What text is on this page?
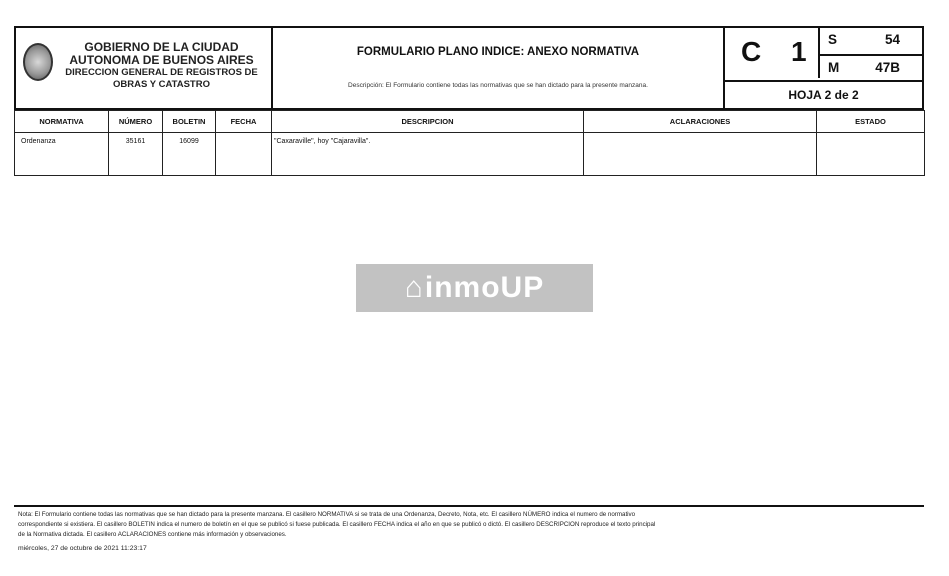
GOBIERNO DE LA CIUDAD
AUTONOMA DE BUENOS AIRES
DIRECCION GENERAL DE REGISTROS DE
OBRAS Y CATASTRO
FORMULARIO PLANO INDICE: ANEXO NORMATIVA
Descripción: El Formulario contiene todas las normativas que se han dictado para la presente manzana.
C 1 S	54
M	47B
HOJA 2 de 2
NORMATIVA	NÚMERO	BOLETIN	FECHA	DESCRIPCION	ACLARACIONES	ESTADO
Ordenanza	35161	16099		"Caxaraville", hoy "Cajaravilla".		
⌂ inmoUP
Nota: El Formulario contiene todas las normativas que se han dictado para la presente manzana. El casillero NORMATIVA si se trata de una Ordenanza, Decreto, Nota, etc. El casillero NÚMERO indica el numero de normativo
correspondiente si existiera. El casillero BOLETIN indica el numero de boletín en el que se publicó si fuese publicada. El casillero FECHA indica el año en que se publicó o dictó. El casillero DESCRIPCION reproduce el texto principal
de la Normativa dictada. El casillero ACLARACIONES contiene más información y observaciones.
miércoles, 27 de octubre de 2021 11:23:17
